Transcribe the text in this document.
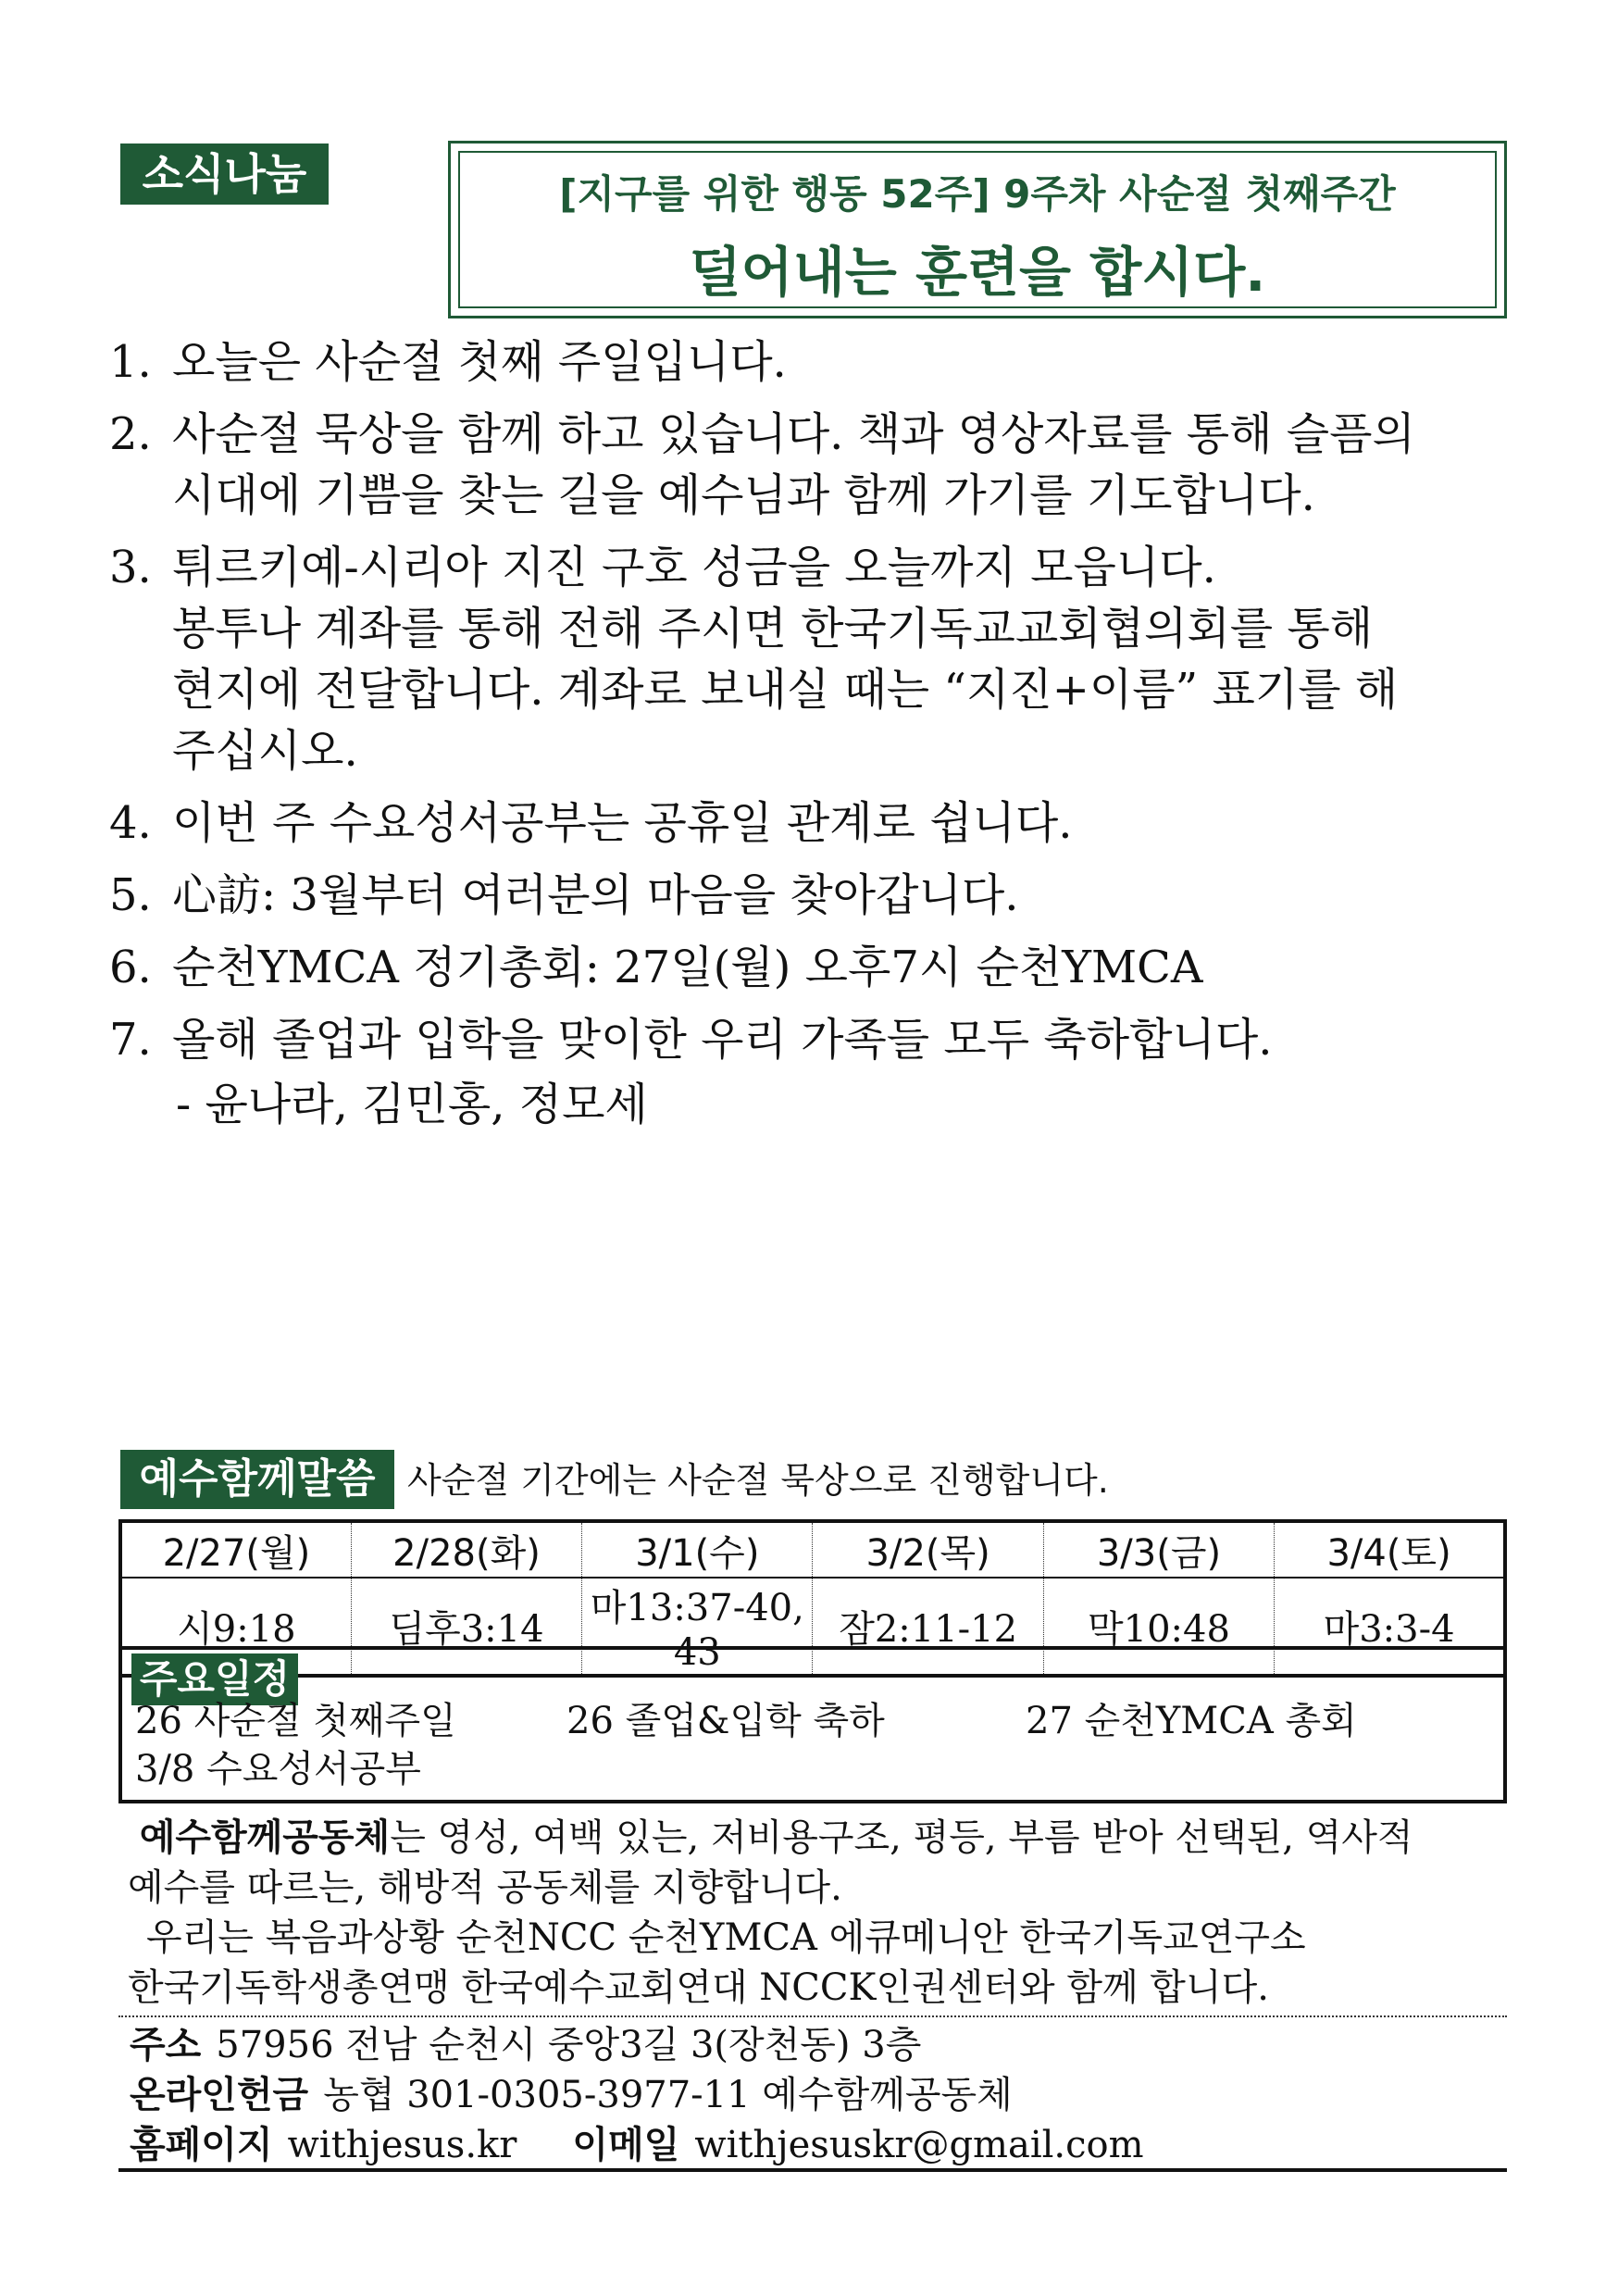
소식나눔	[지구를 위한 행동 52주] 9주차 사순절 첫째주간
덜어내는 훈련을 합시다.
1. 오늘은 사순절 첫째 주일입니다.
2. 사순절 묵상을 함께 하고 있습니다. 책과 영상자료를 통해 슬픔의
시대에 기쁨을 찾는 길을 예수님과 함께 가기를 기도합니다.
3. 튀르키예-시리아 지진 구호 성금을 오늘까지 모읍니다.
봉투나 계좌를 통해 전해 주시면 한국기독교교회협의회를 통해
현지에 전달합니다. 계좌로 보내실 때는 “지진+이름” 표기를 해
주십시오.
4. 이번 주 수요성서공부는 공휴일 관계로 쉽니다.
5. 心訪: 3월부터 여러분의 마음을 찾아갑니다.
6. 순천YMCA 정기총회: 27일(월) 오후7시 순천YMCA
7. 올해 졸업과 입학을 맞이한 우리 가족들 모두 축하합니다.
- 윤나라, 김민홍, 정모세
예수함께말씀 사순절 기간에는 사순절 묵상으로 진행합니다.
2/27(월)	2/28(화)	3/1(수)	3/2(목)	3/3(금)	3/4(토)
시9:18	딤후3:14	마13:37-40, 43	잠2:11-12	막10:48	마3:3-4
주요일정
26 사순절 첫째주일	26 졸업&입학 축하	27 순천YMCA 총회
3/8 수요성서공부

예수함께공동체는 영성, 여백 있는, 저비용구조, 평등, 부름 받아 선택된, 역사적

예수를 따르는, 해방적 공동체를 지향합니다.

우리는 복음과상황 순천NCC 순천YMCA 에큐메니안 한국기독교연구소

한국기독학생총연맹 한국예수교회연대 NCCK인권센터와 함께 합니다.

주소 57956 전남 순천시 중앙3길 3(장천동) 3층

온라인헌금 농협 301-0305-3977-11 예수함께공동체

홈페이지 withjesus.kr 이메일 withjesuskr@gmail.com
